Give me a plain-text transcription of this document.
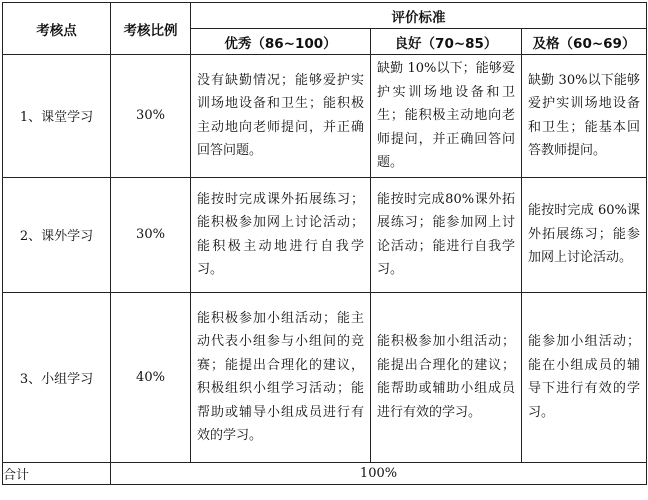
考核点	考核比例	评价标准		
		优秀（86~100）	良好（70~85）	及格（60~69）
1、课堂学习	30%	没有缺勤情况；能够爱护实训场地设备和卫生；能积极主动地向老师提问，并正确回答问题。	缺勤 10%以下；能够爱护实训场地设备和卫生；能积极主动地向老师提问，并正确回答问题。	缺勤 30%以下能够爱护实训场地设备和卫生；能基本回答教师提问。

2、课外学习	30%	能按时完成课外拓展练习；能积极参加网上讨论活动；能积极主动地进行自我学习。	能按时完成80%课外拓展练习；能参加网上讨论活动；能进行自我学习。	能按时完成 60%课外拓展练习；能参加网上讨论活动。

3、小组学习	40%	能积极参加小组活动；能主动代表小组参与小组间的竞赛；能提出合理化的建议，积极组织小组学习活动；能帮助或辅导小组成员进行有效的学习。	能积极参加小组活动；能提出合理化的建议；能帮助或辅助小组成员进行有效的学习。	能参加小组活动；能在小组成员的辅导下进行有效的学习。

合计	100%			
